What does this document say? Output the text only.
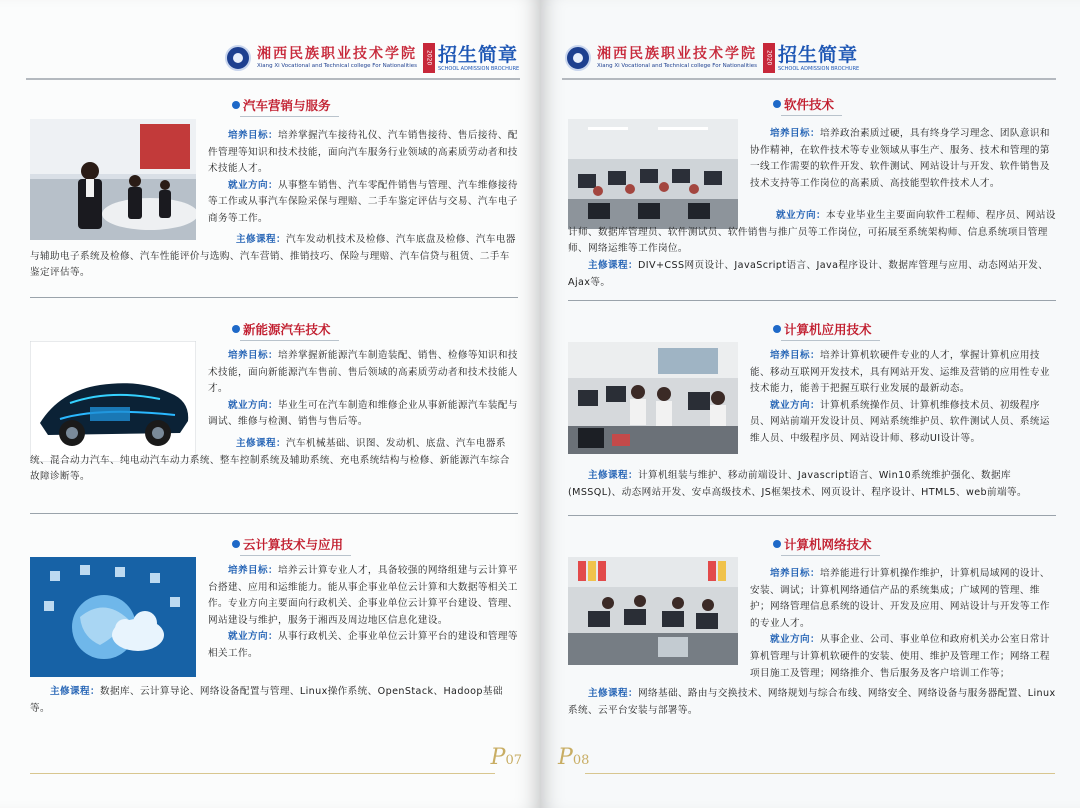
湘西民族职业技术学院
Xiang Xi Vocational and Technical college For Nationalities
2020 招生简章
SCHOOL ADMISSION BROCHURE
汽车营销与服务

　　培养目标：培养掌握汽车接待礼仪、汽车销售接待、售后接待、配件管理等知识和技术技能，面向汽车服务行业领域的高素质劳动者和技术技能人才。

　　就业方向：从事整车销售、汽车零配件销售与管理、汽车维修接待等工作或从事汽车保险采保与理赔、二手车鉴定评估与交易、汽车电子商务等工作。

主修课程：汽车发动机技术及检修、汽车底盘及检修、汽车电器与辅助电子系统及检修、汽车性能评价与选购、汽车营销、推销技巧、保险与理赔、汽车信贷与租赁、二手车鉴定评估等。

新能源汽车技术

　　培养目标：培养掌握新能源汽车制造装配、销售、检修等知识和技术技能，面向新能源汽车售前、售后领域的高素质劳动者和技术技能人才。

　　就业方向：毕业生可在汽车制造和维修企业从事新能源汽车装配与调试、维修与检测、销售与售后等。

主修课程：汽车机械基础、识图、发动机、底盘、汽车电器系统、混合动力汽车、纯电动汽车动力系统、整车控制系统及辅助系统、充电系统结构与检修、新能源汽车综合故障诊断等。

云计算技术与应用

　　培养目标：培养云计算专业人才，具备较强的网络组建与云计算平台搭建、应用和运维能力。能从事企事业单位云计算和大数据等相关工作。专业方向主要面向行政机关、企事业单位云计算平台建设、管理、网站建设与维护，服务于湘西及周边地区信息化建设。

　　就业方向：从事行政机关、企事业单位云计算平台的建设和管理等相关工作。

　　主修课程：数据库、云计算导论、网络设备配置与管理、Linux操作系统、OpenStack、Hadoop基础等。

P07
湘西民族职业技术学院
Xiang Xi Vocational and Technical college For Nationalities
2020 招生简章
SCHOOL ADMISSION BROCHURE
软件技术

　　培养目标：培养政治素质过硬，具有终身学习理念、团队意识和协作精神，在软件技术等专业领域从事生产、服务、技术和管理的第一线工作需要的软件开发、软件测试、网站设计与开发、软件销售及技术支持等工作岗位的高素质、高技能型软件技术人才。

就业方向：本专业毕业生主要面向软件工程师、程序员、网站设计师、数据库管理员、软件测试员、软件销售与推广员等工作岗位，可拓展至系统架构师、信息系统项目管理师、网络运维等工作岗位。

　　主修课程：DIV+CSS网页设计、JavaScript语言、Java程序设计、数据库管理与应用、动态网站开发、Ajax等。

计算机应用技术

　　培养目标：培养计算机软硬件专业的人才，掌握计算机应用技能、移动互联网开发技术，具有网站开发、运维及营销的应用性专业技术能力，能善于把握互联行业发展的最新动态。

　　就业方向：计算机系统操作员、计算机维修技术员、初级程序员、网站前端开发设计员、网站系统维护员、软件测试人员、系统运维人员、中级程序员、网站设计师、移动UI设计等。

　　主修课程：计算机组装与维护、移动前端设计、Javascript语言、Win10系统维护强化、数据库(MSSQL)、动态网站开发、安卓高级技术、JS框架技术、网页设计、程序设计、HTML5、web前端等。

计算机网络技术

　　培养目标：培养能进行计算机操作维护，计算机局域网的设计、安装、调试；计算机网络通信产品的系统集成；广域网的管理、维护；网络管理信息系统的设计、开发及应用、网站设计与开发等工作的专业人才。

　　就业方向：从事企业、公司、事业单位和政府机关办公室日常计算机管理与计算机软硬件的安装、使用、维护及管理工作；网络工程项目施工及管理；网络推介、售后服务及客户培训工作等；

　　主修课程：网络基础、路由与交换技术、网络规划与综合布线、网络安全、网络设备与服务器配置、Linux系统、云平台安装与部署等。

P08
